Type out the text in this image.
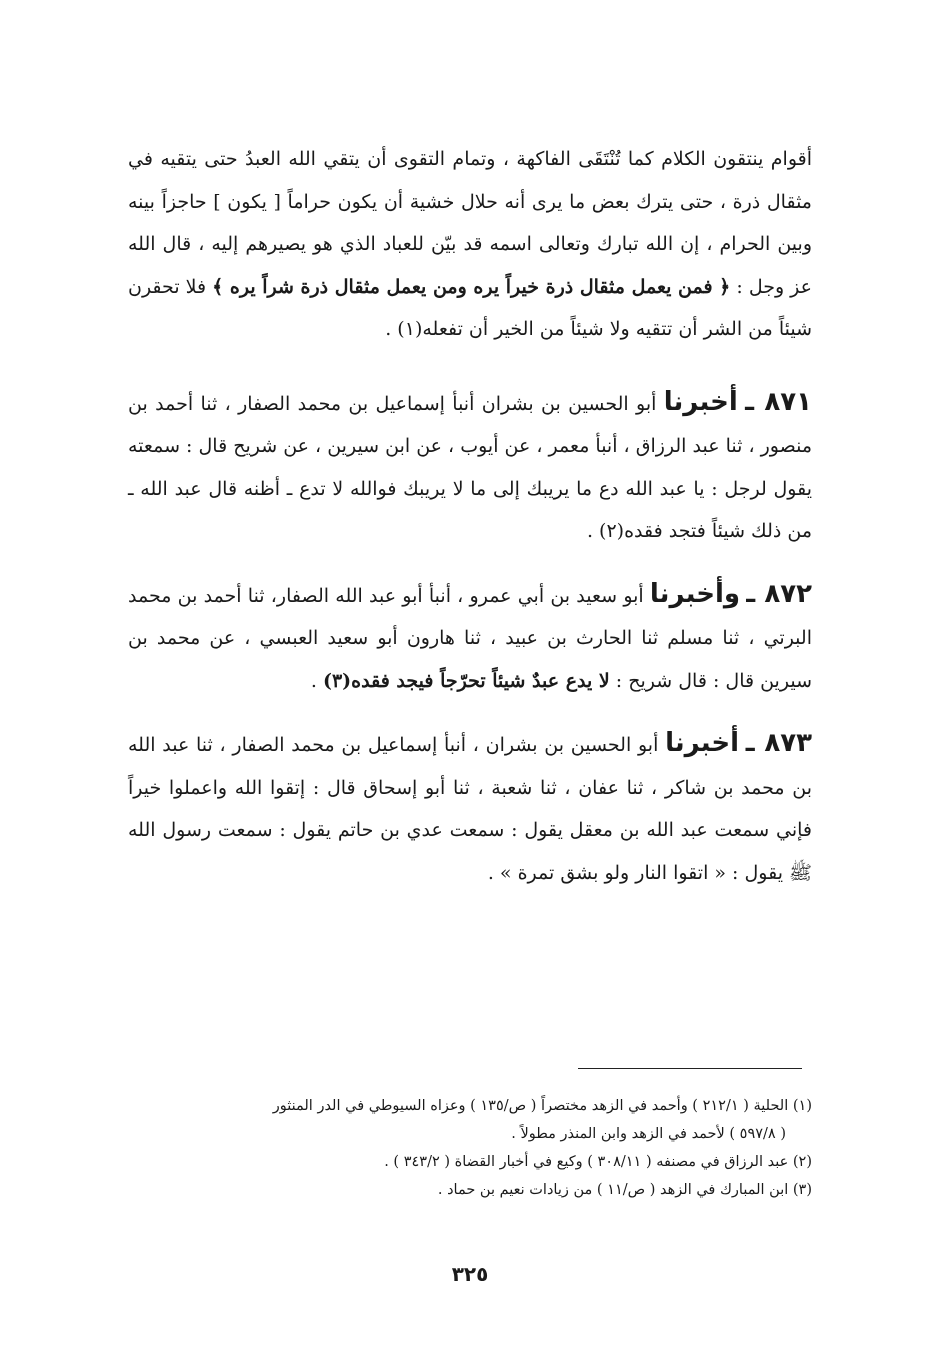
أقوام ينتقون الكلام كما تُنْتَقَى الفاكهة ، وتمام التقوى أن يتقي الله العبدُ حتى يتقيه في مثقال ذرة ، حتى يترك بعض ما يرى أنه حلال خشية أن يكون حراماً [ يكون ] حاجزاً بينه وبين الحرام ، إن الله تبارك وتعالى اسمه قد بيّن للعباد الذي هو يصيرهم إليه ، قال الله عز وجل : ﴿ فمن يعمل مثقال ذرة خيراً يره ومن يعمل مثقال ذرة شراً يره ﴾ فلا تحقرن شيئاً من الشر أن تتقيه ولا شيئاً من الخير أن تفعله(١) .

٨٧١ ـ أخبرنا أبو الحسين بن بشران أنبأ إسماعيل بن محمد الصفار ، ثنا أحمد بن منصور ، ثنا عبد الرزاق ، أنبأ معمر ، عن أيوب ، عن ابن سيرين ، عن شريح قال : سمعته يقول لرجل : يا عبد الله دع ما يريبك إلى ما لا يريبك فوالله لا تدع ـ أظنه قال عبد الله ـ من ذلك شيئاً فتجد فقده(٢) .

٨٧٢ ـ وأخبرنا أبو سعيد بن أبي عمرو ، أنبأ أبو عبد الله الصفار، ثنا أحمد بن محمد البرتي ، ثنا مسلم ثنا الحارث بن عبيد ، ثنا هارون أبو سعيد العبسي ، عن محمد بن سيرين قال : قال شريح : لا يدع عبدٌ شيئاً تحرّجاً فيجد فقده(٣) .

٨٧٣ ـ أخبرنا أبو الحسين بن بشران ، أنبأ إسماعيل بن محمد الصفار ، ثنا عبد الله بن محمد بن شاكر ، ثنا عفان ، ثنا شعبة ، ثنا أبو إسحاق قال : إتقوا الله واعملوا خيراً فإني سمعت عبد الله بن معقل يقول : سمعت عدي بن حاتم يقول : سمعت رسول الله ﷺ يقول : « اتقوا النار ولو بشق تمرة » .

(١) الحلية ( ٢١٢/١ ) وأحمد في الزهد مختصراً ( ص/١٣٥ ) وعزاه السيوطي في الدر المنثور

( ٥٩٧/٨ ) لأحمد في الزهد وابن المنذر مطولاً .

(٢) عبد الرزاق في مصنفه ( ٣٠٨/١١ ) وكيع في أخبار القضاة ( ٣٤٣/٢ ) .

(٣) ابن المبارك في الزهد ( ص/١١ ) من زيادات نعيم بن حماد .

٣٢٥
